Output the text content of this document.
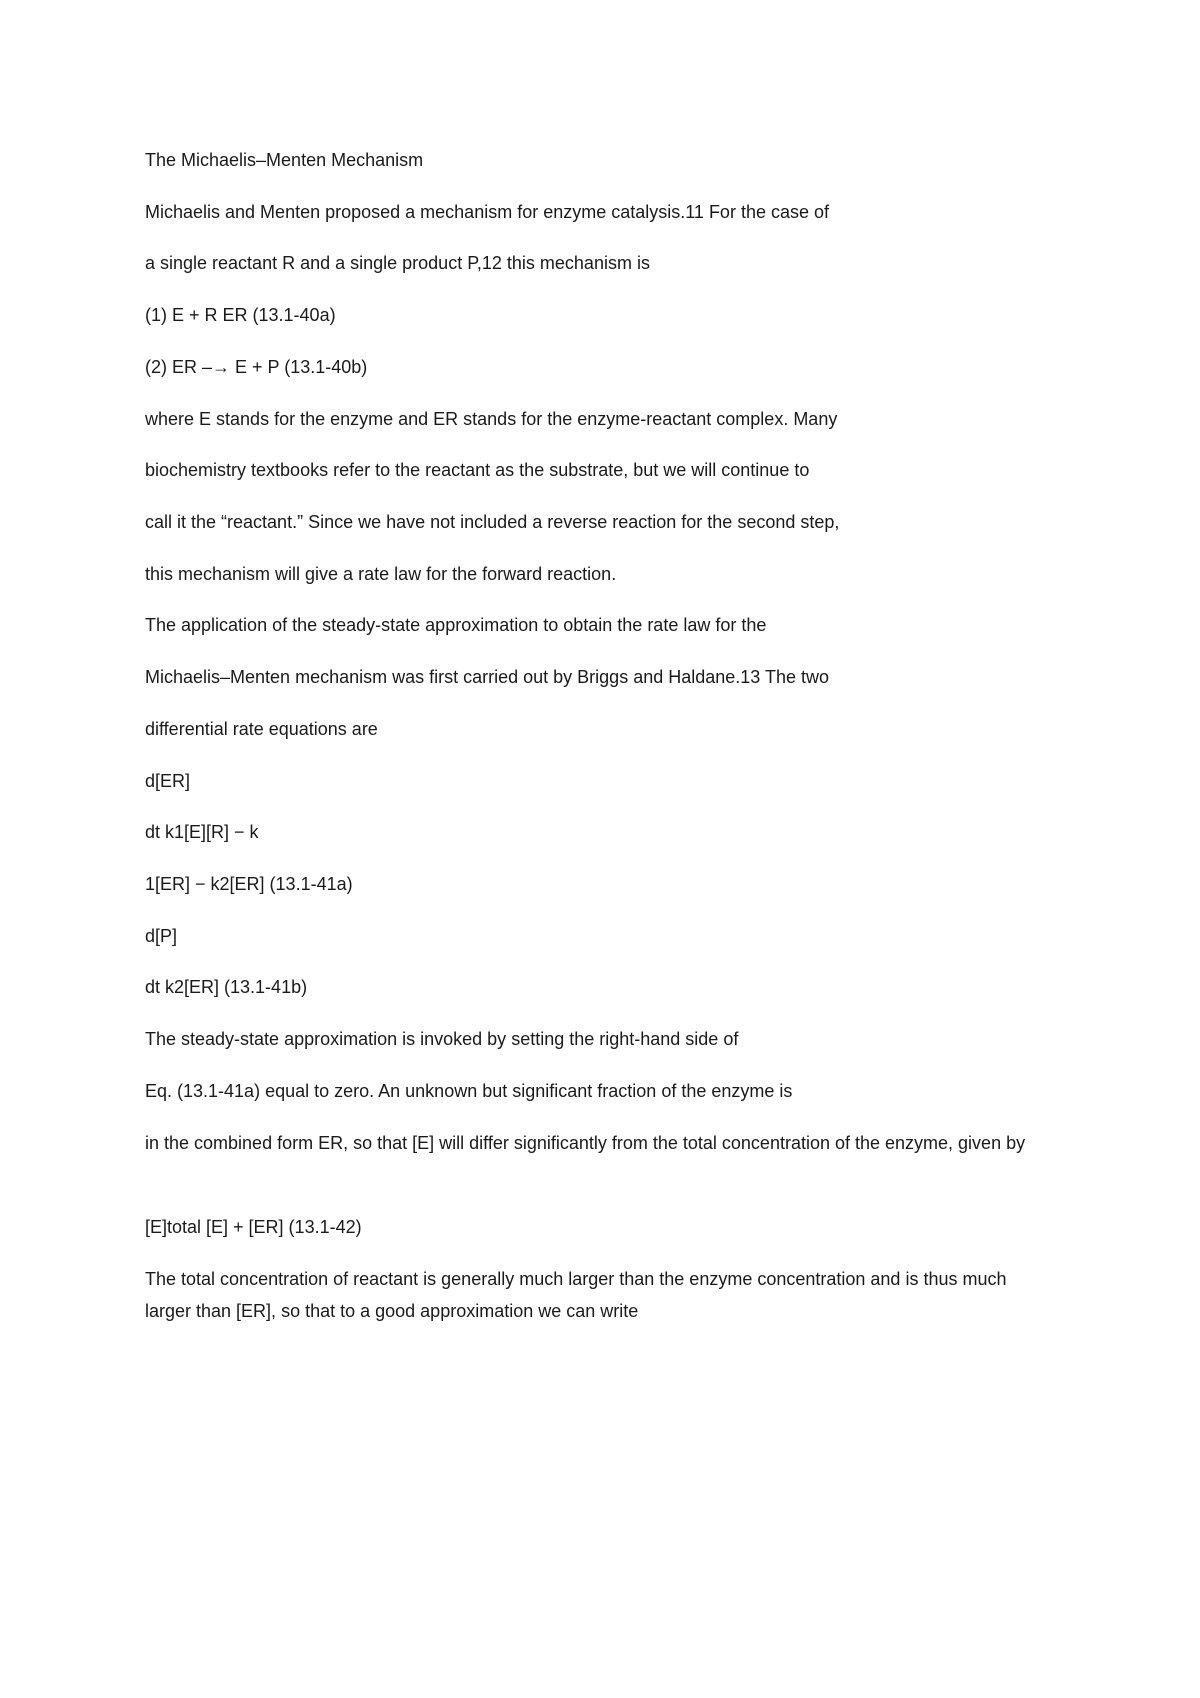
The Michaelis–Menten Mechanism

Michaelis and Menten proposed a mechanism for enzyme catalysis.11 For the case of

a single reactant R and a single product P,12 this mechanism is

(1) E + R ER (13.1-40a)

(2) ER –→ E + P (13.1-40b)

where E stands for the enzyme and ER stands for the enzyme-reactant complex. Many

biochemistry textbooks refer to the reactant as the substrate, but we will continue to

call it the “reactant.” Since we have not included a reverse reaction for the second step,

this mechanism will give a rate law for the forward reaction.

The application of the steady-state approximation to obtain the rate law for the

Michaelis–Menten mechanism was first carried out by Briggs and Haldane.13 The two

differential rate equations are

d[ER]

dt k1[E][R] − k

1[ER] − k2[ER] (13.1-41a)

d[P]

dt k2[ER] (13.1-41b)

The steady-state approximation is invoked by setting the right-hand side of

Eq. (13.1-41a) equal to zero. An unknown but significant fraction of the enzyme is

in the combined form ER, so that [E] will differ significantly from the total concentration of the enzyme, given by

[E]total [E] + [ER] (13.1-42)

The total concentration of reactant is generally much larger than the enzyme concentration and is thus much larger than [ER], so that to a good approximation we can write
